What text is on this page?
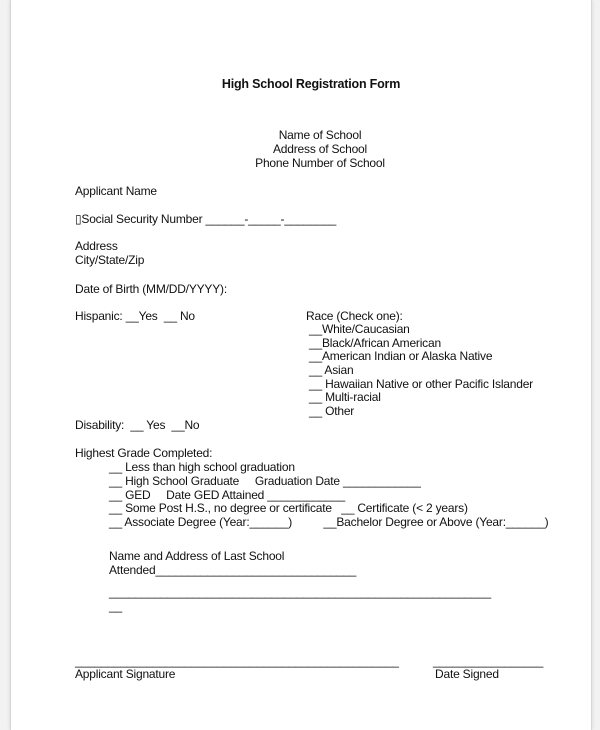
High School Registration Form
Name of School
Address of School
Phone Number of School
Applicant Name
▯Social Security Number ______-_____-________
Address
City/State/Zip
Date of Birth (MM/DD/YYYY):
Hispanic: __Yes  __ No	Race (Check one):
__White/Caucasian
__Black/African American
__American Indian or Alaska Native
__ Asian
__ Hawaiian Native or other Pacific Islander
__ Multi-racial
__ Other
Disability:  __ Yes  __No
Highest Grade Completed:
__ Less than high school graduation
__ High School Graduate     Graduation Date ____________
__ GED     Date GED Attained ____________
__ Some Post H.S., no degree or certificate   __ Certificate (< 2 years)
__ Associate Degree (Year:______)          __Bachelor Degree or Above (Year:______)
Name and Address of Last School
Attended_______________________________
___________________________________________________________
__
__________________________________________________
Applicant Signature
_________________
Date Signed
